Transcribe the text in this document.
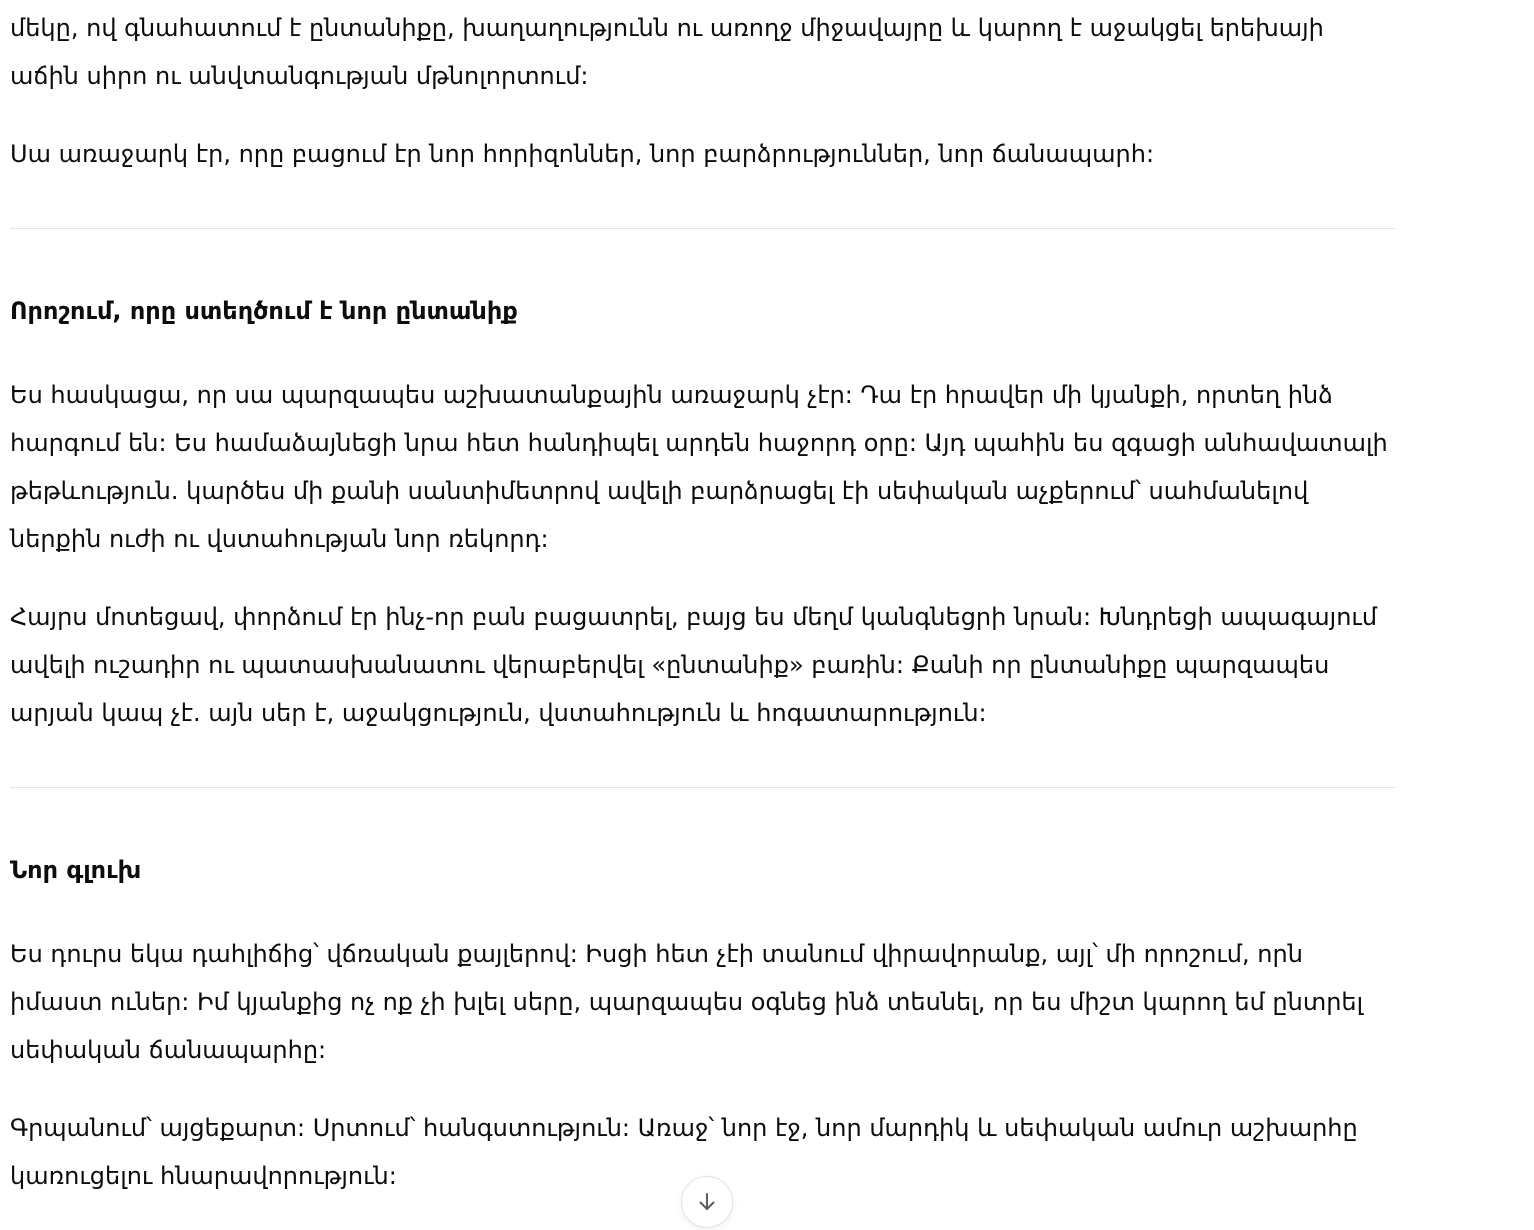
մեկը, ով գնահատում է ընտանիքը, խաղաղությունն ու առողջ միջավայրը և կարող է աջակցել երեխայի աճին սիրո ու անվտանգության մթնոլորտում:

Սա առաջարկ էր, որը բացում էր նոր հորիզոններ, նոր բարձրություններ, նոր ճանապարհ:

Որոշում, որը ստեղծում է նոր ընտանիք

Ես հասկացա, որ սա պարզապես աշխատանքային առաջարկ չէր: Դա էր հրավեր մի կյանքի, որտեղ ինձ հարգում են: Ես համաձայնեցի նրա հետ հանդիպել արդեն հաջորդ օրը: Այդ պահին ես զգացի անհավատալի թեթևություն. կարծես մի քանի սանտիմետրով ավելի բարձրացել էի սեփական աչքերում՝ սահմանելով ներքին ուժի ու վստահության նոր ռեկորդ:

Հայրս մոտեցավ, փորձում էր ինչ-որ բան բացատրել, բայց ես մեղմ կանգնեցրի նրան: Խնդրեցի ապագայում ավելի ուշադիր ու պատասխանատու վերաբերվել «ընտանիք» բառին: Քանի որ ընտանիքը պարզապես արյան կապ չէ. այն սեր է, աջակցություն, վստահություն և հոգատարություն:

Նոր գլուխ

Ես դուրս եկա դահլիճից՝ վճռական քայլերով: Իսցի հետ չէի տանում վիրավորանք, այլ՝ մի որոշում, որն իմաստ ուներ: Իմ կյանքից ոչ ոք չի խլել սերը, պարզապես օգնեց ինձ տեսնել, որ ես միշտ կարող եմ ընտրել սեփական ճանապարհը:

Գրպանում՝ այցեքարտ: Սրտում՝ հանգստություն: Առաջ՝ նոր էջ, նոր մարդիկ և սեփական ամուր աշխարհը կառուցելու հնարավորություն:
